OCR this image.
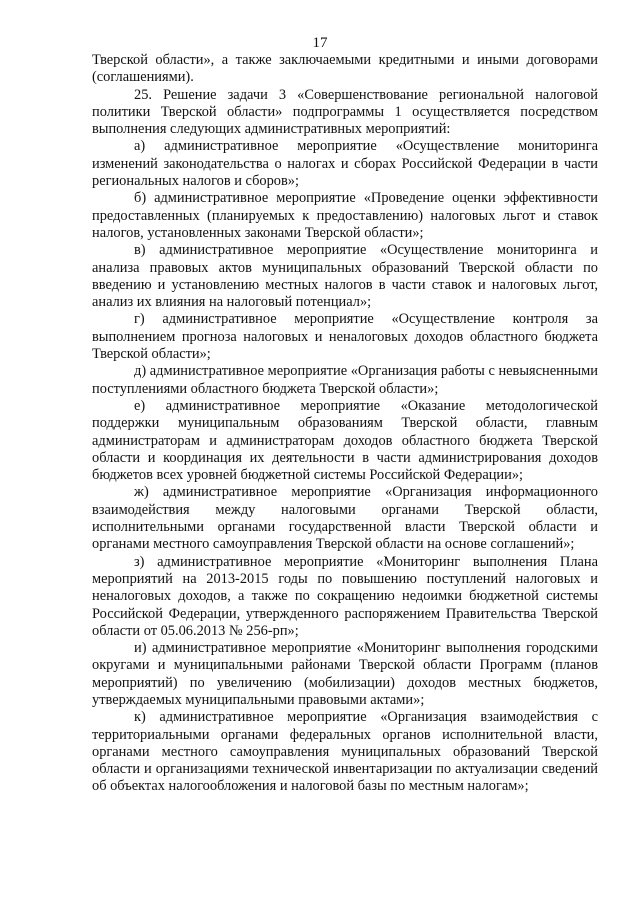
17

Тверской области», а также заключаемыми кредитными и иными договорами (соглашениями).

25. Решение задачи 3 «Совершенствование региональной налоговой политики Тверской области» подпрограммы 1 осуществляется посредством выполнения следующих административных мероприятий:

а) административное мероприятие «Осуществление мониторинга изменений законодательства о налогах и сборах Российской Федерации в части региональных налогов и сборов»;

б) административное мероприятие «Проведение оценки эффективности предоставленных (планируемых к предоставлению) налоговых льгот и ставок налогов, установленных законами Тверской области»;

в) административное мероприятие «Осуществление мониторинга и анализа правовых актов муниципальных образований Тверской области по введению и установлению местных налогов в части ставок и налоговых льгот, анализ их влияния на налоговый потенциал»;

г) административное мероприятие «Осуществление контроля за выполнением прогноза налоговых и неналоговых доходов областного бюджета Тверской области»;

д) административное мероприятие «Организация работы с невыясненными поступлениями областного бюджета Тверской области»;

е) административное мероприятие «Оказание методологической поддержки муниципальным образованиям Тверской области, главным администраторам и администраторам доходов областного бюджета Тверской области и координация их деятельности в части администрирования доходов бюджетов всех уровней бюджетной системы Российской Федерации»;

ж) административное мероприятие «Организация информационного взаимодействия между налоговыми органами Тверской области, исполнительными органами государственной власти Тверской области и органами местного самоуправления Тверской области на основе соглашений»;

з) административное мероприятие «Мониторинг выполнения Плана мероприятий на 2013-2015 годы по повышению поступлений налоговых и неналоговых доходов, а также по сокращению недоимки бюджетной системы Российской Федерации, утвержденного распоряжением Правительства Тверской области от 05.06.2013 № 256-рп»;

и) административное мероприятие «Мониторинг выполнения городскими округами и муниципальными районами Тверской области Программ (планов мероприятий) по увеличению (мобилизации) доходов местных бюджетов, утверждаемых муниципальными правовыми актами»;

к) административное мероприятие «Организация взаимодействия с территориальными органами федеральных органов исполнительной власти, органами местного самоуправления муниципальных образований Тверской области и организациями технической инвентаризации по актуализации сведений об объектах налогообложения и налоговой базы по местным налогам»;
